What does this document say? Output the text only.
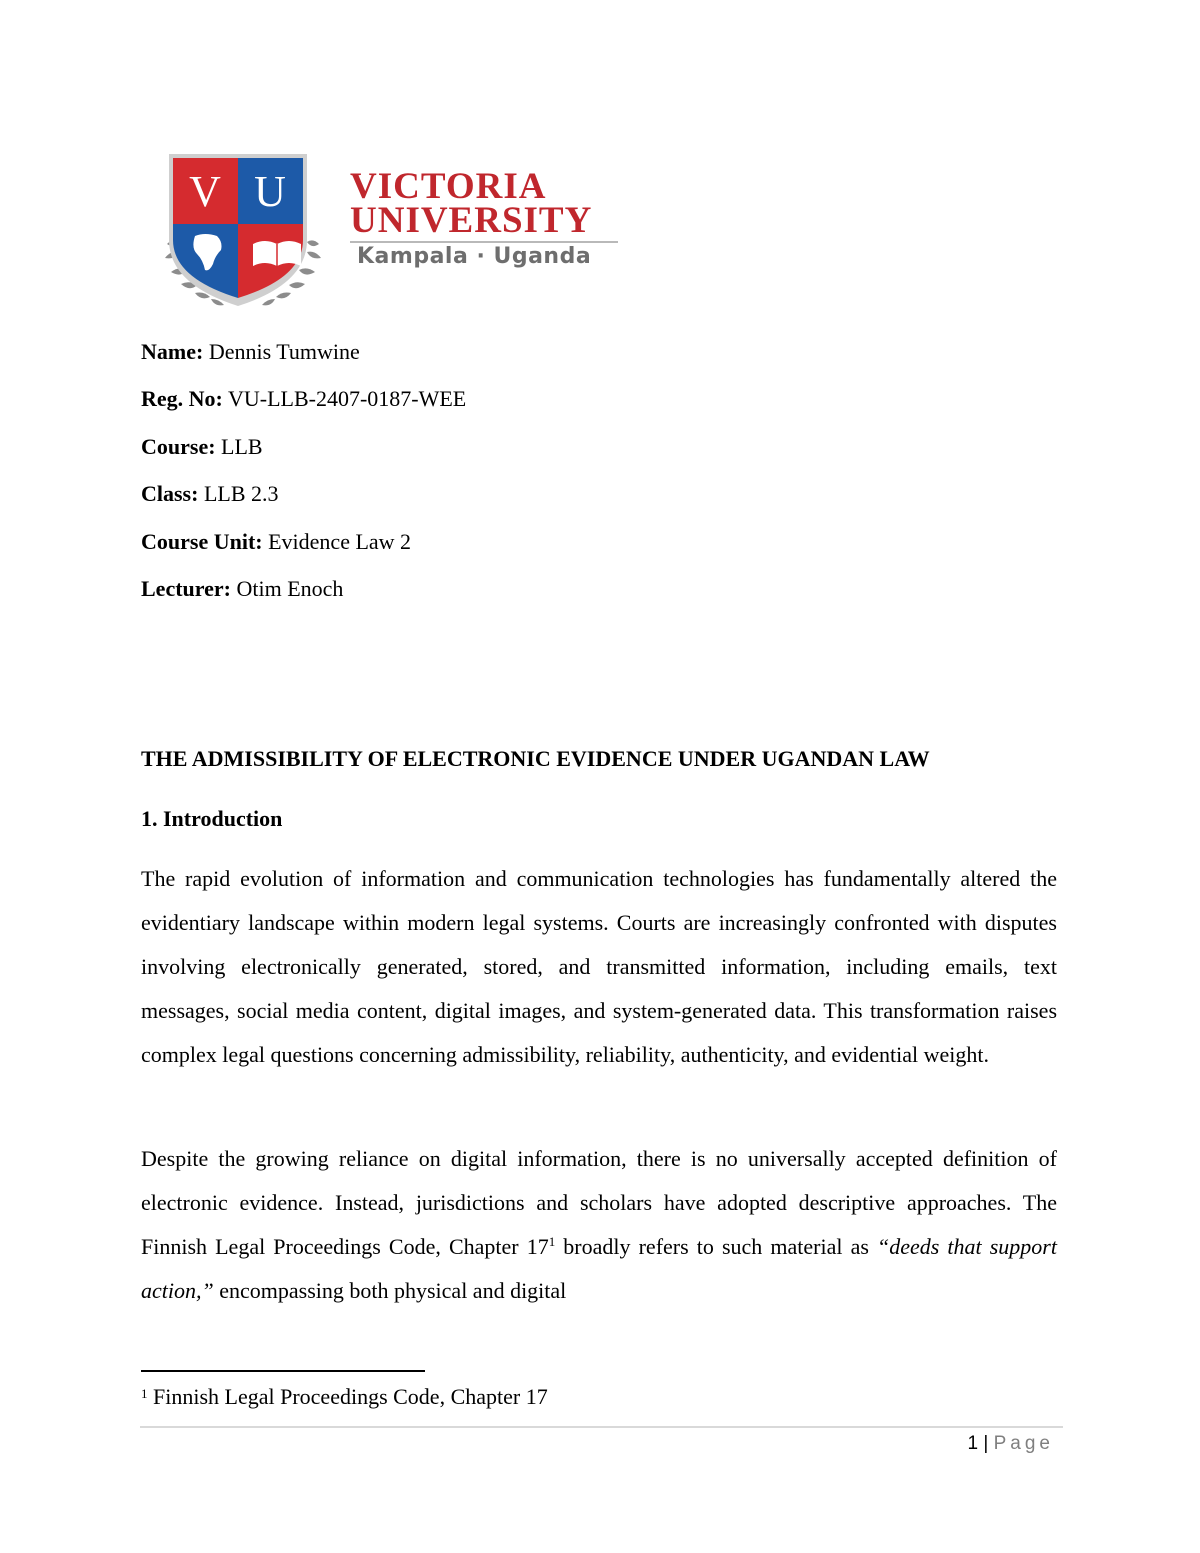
V U VICTORIA
UNIVERSITY
Kampala · Uganda
Name: Dennis Tumwine
Reg. No: VU-LLB-2407-0187-WEE
Course: LLB
Class: LLB 2.3
Course Unit: Evidence Law 2
Lecturer: Otim Enoch
THE ADMISSIBILITY OF ELECTRONIC EVIDENCE UNDER UGANDAN LAW
1. Introduction
The rapid evolution of information and communication technologies has fundamentally altered the evidentiary landscape within modern legal systems. Courts are increasingly confronted with disputes involving electronically generated, stored, and transmitted information, including emails, text messages, social media content, digital images, and system-generated data. This transformation raises complex legal questions concerning admissibility, reliability, authenticity, and evidential weight.
Despite the growing reliance on digital information, there is no universally accepted definition of electronic evidence. Instead, jurisdictions and scholars have adopted descriptive approaches. The Finnish Legal Proceedings Code, Chapter $17^1$ broadly refers to such material as “deeds that support action,” encompassing both physical and digital
$^1$ Finnish Legal Proceedings Code, Chapter 17
1 | Page
